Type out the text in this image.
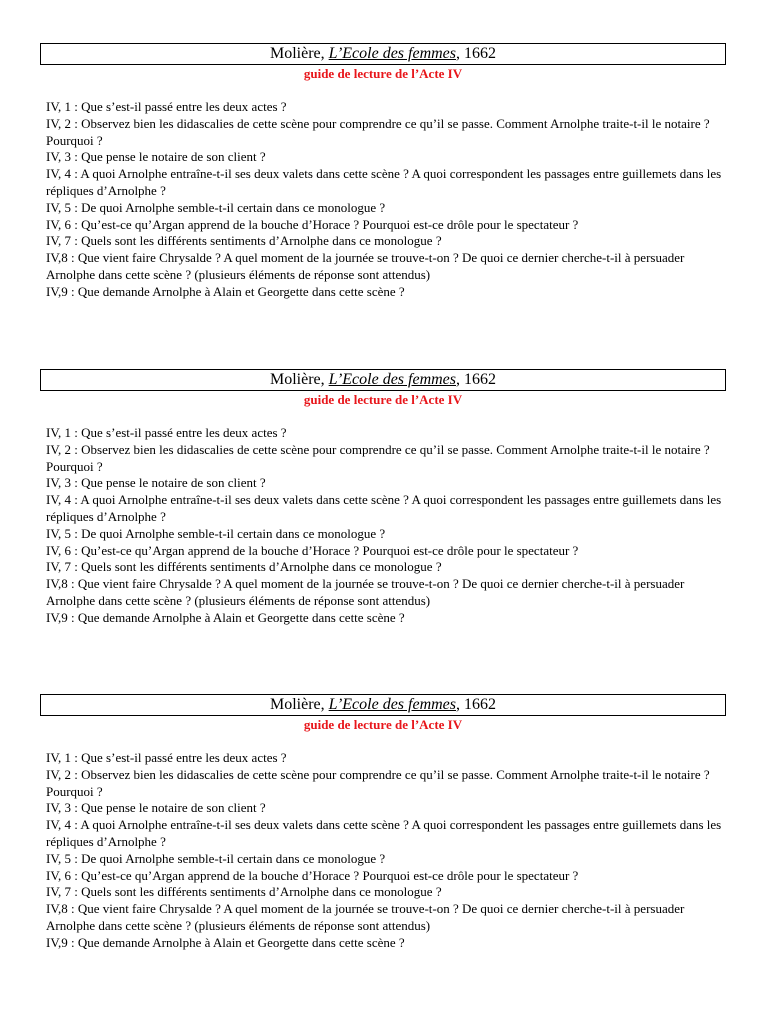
Molière, L’Ecole des femmes, 1662
guide de lecture de l’Acte IV
IV, 1 : Que s’est-il passé entre les deux actes ?
IV, 2 : Observez bien les didascalies de cette scène pour comprendre ce qu’il se passe. Comment Arnolphe traite-t-il le notaire ? Pourquoi ?
IV, 3 : Que pense le notaire de son client ?
IV, 4 : A quoi Arnolphe entraîne-t-il ses deux valets dans cette scène ? A quoi correspondent les passages entre guillemets dans les répliques d’Arnolphe ?
IV, 5 : De quoi Arnolphe semble-t-il certain dans ce monologue ?
IV, 6 : Qu’est-ce qu’Argan apprend de la bouche d’Horace ? Pourquoi est-ce drôle pour le spectateur ?
IV, 7 : Quels sont les différents sentiments d’Arnolphe dans ce monologue ?
IV,8 : Que vient faire Chrysalde ? A quel moment de la journée se trouve-t-on ? De quoi ce dernier cherche-t-il à persuader Arnolphe dans cette scène ? (plusieurs éléments de réponse sont attendus)
IV,9 : Que demande Arnolphe à Alain et Georgette dans cette scène ?
Molière, L’Ecole des femmes, 1662
guide de lecture de l’Acte IV
IV, 1 : Que s’est-il passé entre les deux actes ?
IV, 2 : Observez bien les didascalies de cette scène pour comprendre ce qu’il se passe. Comment Arnolphe traite-t-il le notaire ? Pourquoi ?
IV, 3 : Que pense le notaire de son client ?
IV, 4 : A quoi Arnolphe entraîne-t-il ses deux valets dans cette scène ? A quoi correspondent les passages entre guillemets dans les répliques d’Arnolphe ?
IV, 5 : De quoi Arnolphe semble-t-il certain dans ce monologue ?
IV, 6 : Qu’est-ce qu’Argan apprend de la bouche d’Horace ? Pourquoi est-ce drôle pour le spectateur ?
IV, 7 : Quels sont les différents sentiments d’Arnolphe dans ce monologue ?
IV,8 : Que vient faire Chrysalde ? A quel moment de la journée se trouve-t-on ? De quoi ce dernier cherche-t-il à persuader Arnolphe dans cette scène ? (plusieurs éléments de réponse sont attendus)
IV,9 : Que demande Arnolphe à Alain et Georgette dans cette scène ?
Molière, L’Ecole des femmes, 1662
guide de lecture de l’Acte IV
IV, 1 : Que s’est-il passé entre les deux actes ?
IV, 2 : Observez bien les didascalies de cette scène pour comprendre ce qu’il se passe. Comment Arnolphe traite-t-il le notaire ? Pourquoi ?
IV, 3 : Que pense le notaire de son client ?
IV, 4 : A quoi Arnolphe entraîne-t-il ses deux valets dans cette scène ? A quoi correspondent les passages entre guillemets dans les répliques d’Arnolphe ?
IV, 5 : De quoi Arnolphe semble-t-il certain dans ce monologue ?
IV, 6 : Qu’est-ce qu’Argan apprend de la bouche d’Horace ? Pourquoi est-ce drôle pour le spectateur ?
IV, 7 : Quels sont les différents sentiments d’Arnolphe dans ce monologue ?
IV,8 : Que vient faire Chrysalde ? A quel moment de la journée se trouve-t-on ? De quoi ce dernier cherche-t-il à persuader Arnolphe dans cette scène ? (plusieurs éléments de réponse sont attendus)
IV,9 : Que demande Arnolphe à Alain et Georgette dans cette scène ?
